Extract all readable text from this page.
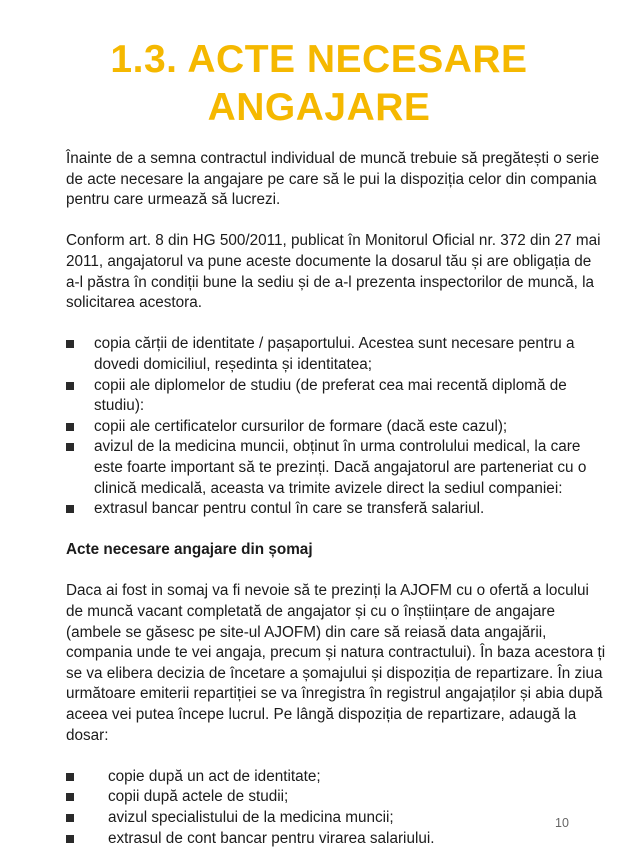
1.3. ACTE NECESARE
ANGAJARE

Înainte de a semna contractul individual de muncă trebuie să pregătești o serie de acte necesare la angajare pe care să le pui la dispoziția celor din compania pentru care urmează să lucrezi.

Conform art. 8 din HG 500/2011, publicat în Monitorul Oficial nr. 372 din 27 mai 2011, angajatorul va pune aceste documente la dosarul tău și are obligația de a-l păstra în condiții bune la sediu și de a-l prezenta inspectorilor de muncă, la solicitarea acestora.

copia cărții de identitate / pașaportului. Acestea sunt necesare pentru a dovedi domiciliul, reședinta și identitatea;
copii ale diplomelor de studiu (de preferat cea mai recentă diplomă de studiu):
copii ale certificatelor cursurilor de formare (dacă este cazul);
avizul de la medicina muncii, obținut în urma controlului medical, la care este foarte important să te prezinți. Dacă angajatorul are parteneriat cu o clinică medicală, aceasta va trimite avizele direct la sediul companiei:
extrasul bancar pentru contul în care se transferă salariul.

Acte necesare angajare din șomaj

Daca ai fost in somaj va fi nevoie să te prezinți la AJOFM cu o ofertă a locului de muncă vacant completată de angajator și cu o înștiințare de angajare (ambele se găsesc pe site-ul AJOFM) din care să reiasă data angajării, compania unde te vei angaja, precum și natura contractului). În baza acestora ți se va elibera decizia de încetare a șomajului și dispoziția de repartizare. În ziua următoare emiterii repartiției se va înregistra în registrul angajaților și abia după aceea vei putea începe lucrul. Pe lângă dispoziția de repartizare, adaugă la dosar:

copie după un act de identitate;
copii după actele de studii;
avizul specialistului de la medicina muncii;
extrasul de cont bancar pentru virarea salariului.
10
